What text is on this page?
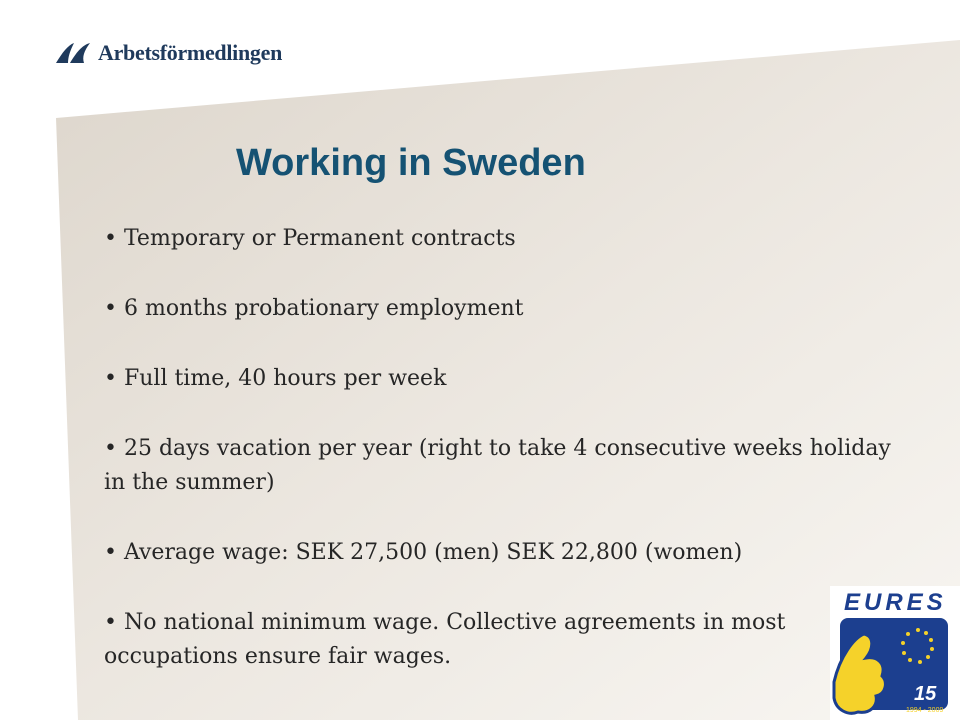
Arbetsförmedlingen
Working in Sweden
• Temporary or Permanent contracts
• 6 months probationary employment
• Full time, 40 hours per week
• 25 days vacation per year (right to take 4 consecutive weeks holiday in the summer)
• Average wage: SEK 27,500 (men) SEK 22,800 (women)
• No national minimum wage. Collective agreements in most occupations ensure fair wages.
EURES
15
1994 - 2009
